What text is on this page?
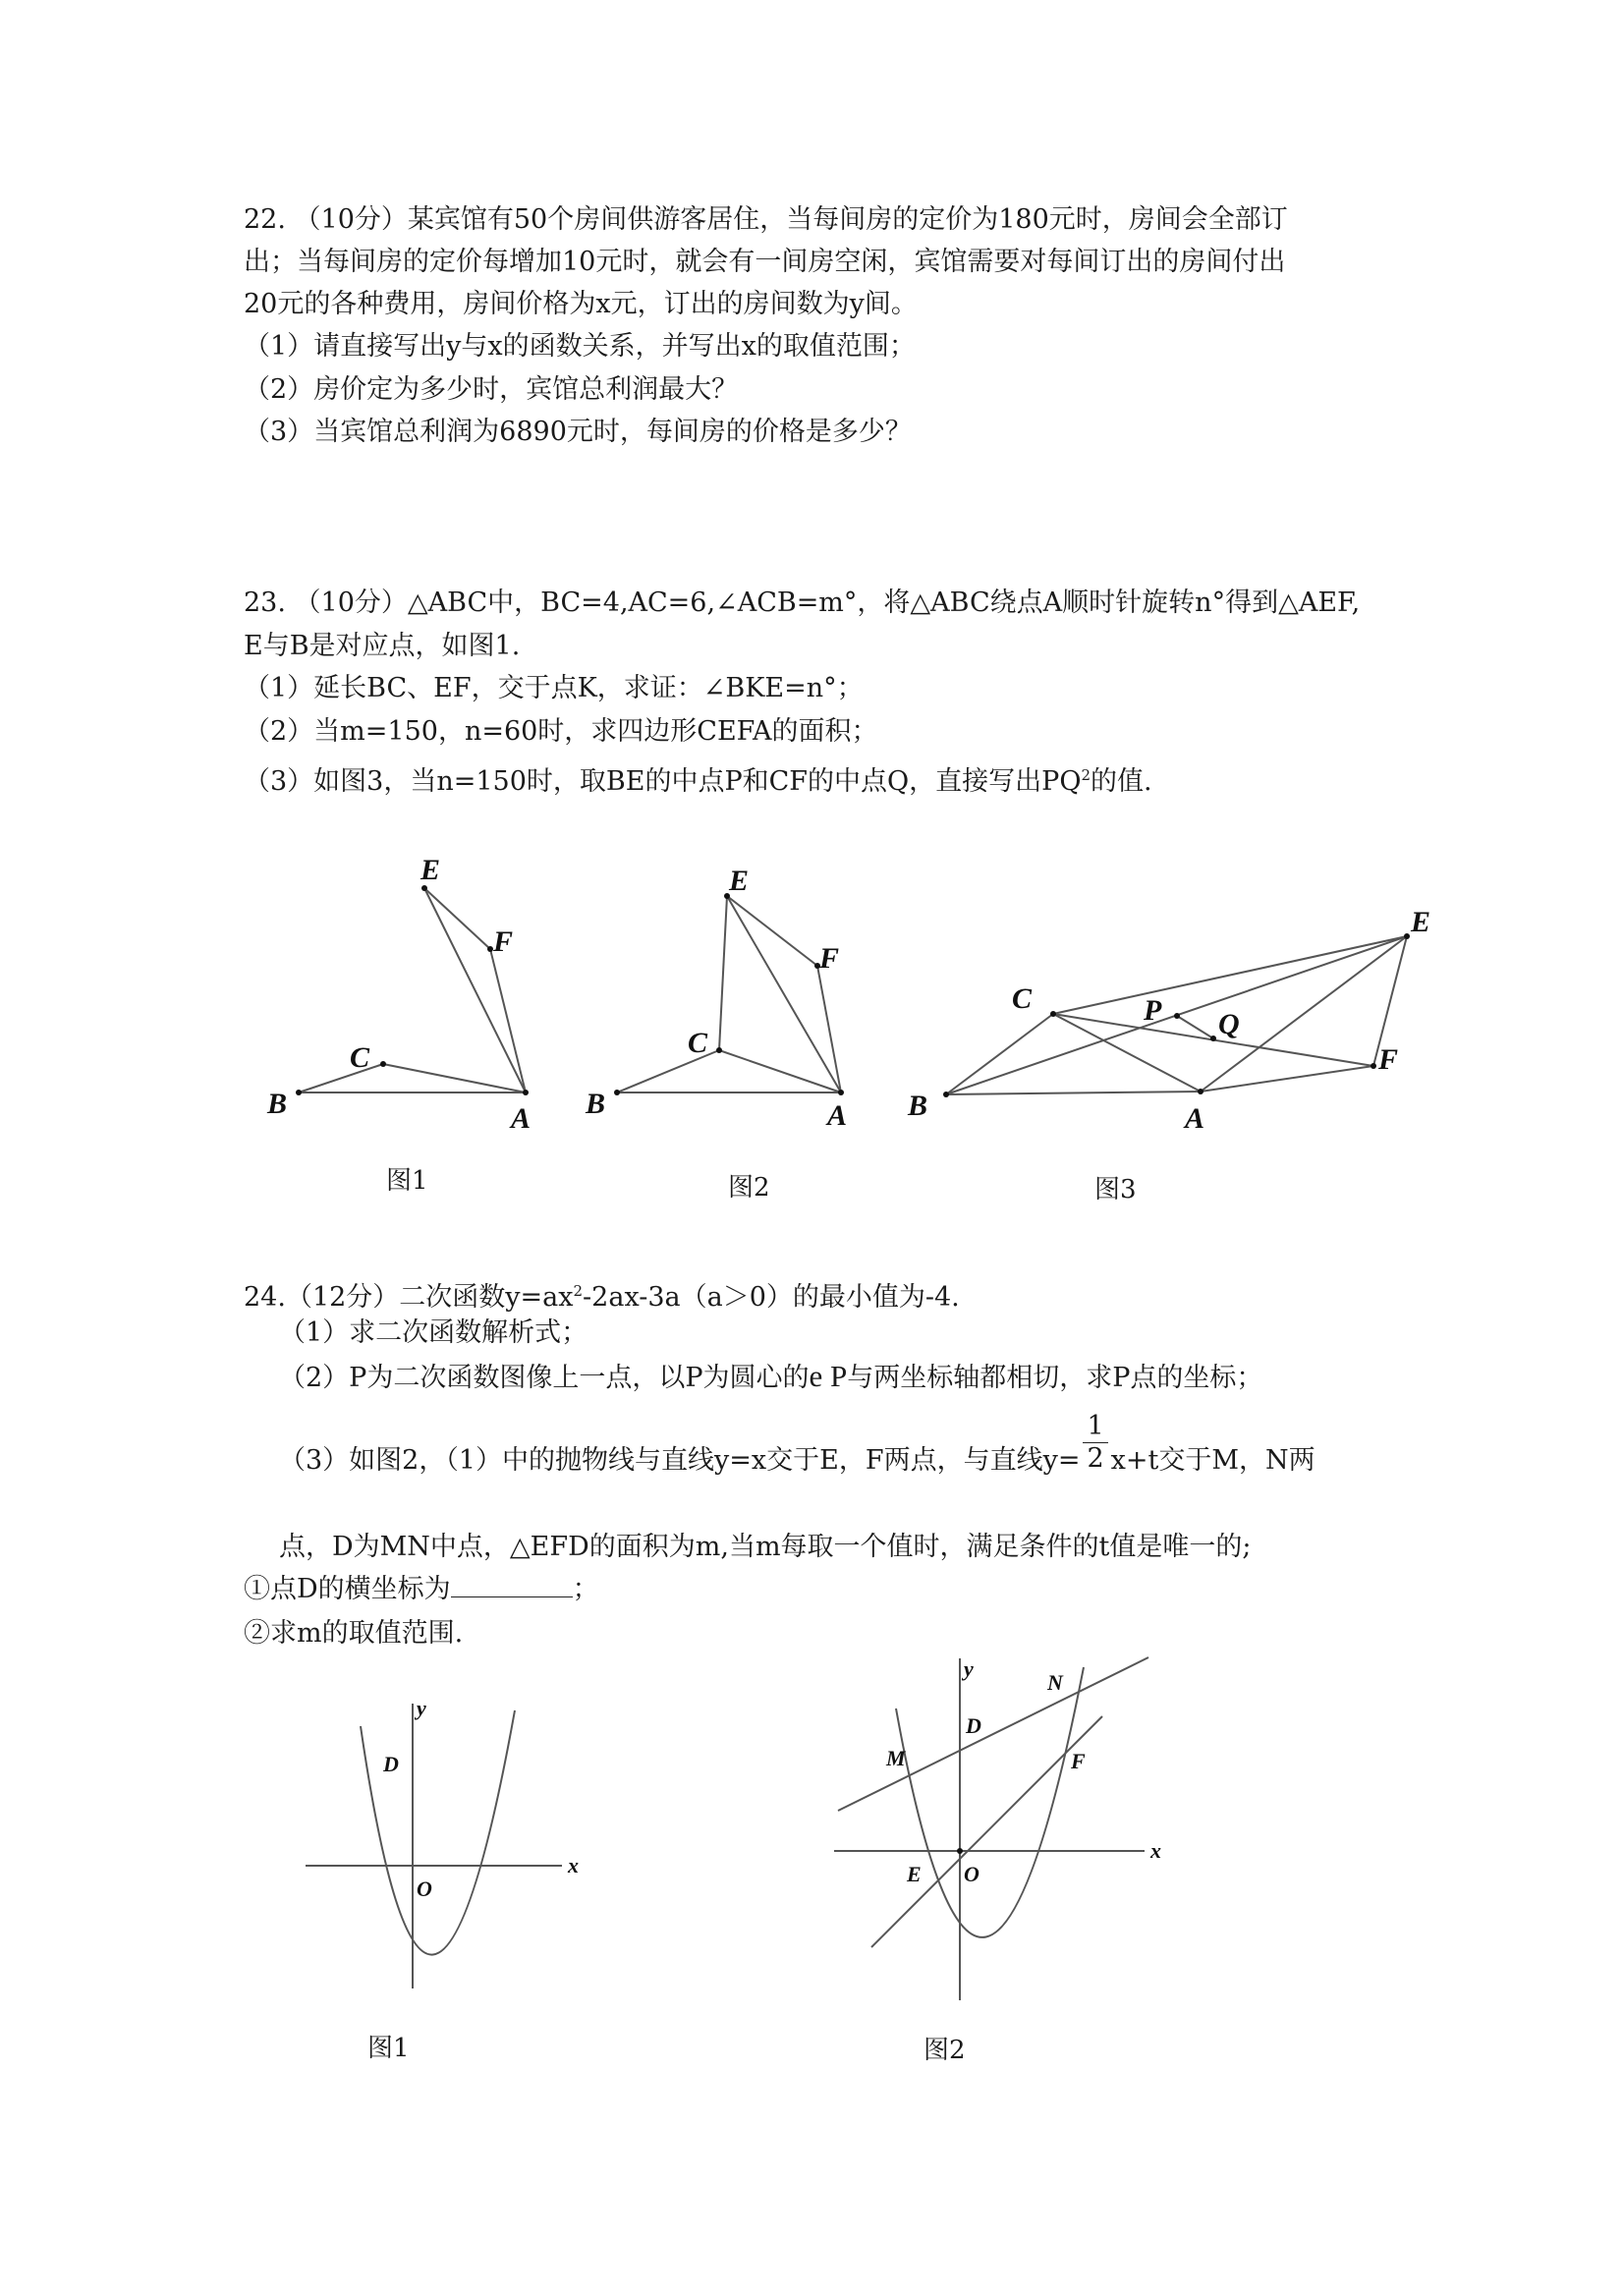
22. （10分）某宾馆有50个房间供游客居住，当每间房的定价为180元时，房间会全部订
出；当每间房的定价每增加10元时，就会有一间房空闲，宾馆需要对每间订出的房间付出
20元的各种费用，房间价格为x元，订出的房间数为y间。
（1）请直接写出y与x的函数关系，并写出x的取值范围；
（2）房价定为多少时，宾馆总利润最大？
（3）当宾馆总利润为6890元时，每间房的价格是多少？
23. （10分）△ABC中，BC=4,AC=6,∠ACB=m°，将△ABC绕点A顺时针旋转n°得到△AEF,
E与B是对应点，如图1.
（1）延长BC、EF，交于点K，求证：∠BKE=n°；
（2）当m=150，n=60时，求四边形CEFA的面积；
（3）如图3，当n=150时，取BE的中点P和CF的中点Q，直接写出$PQ^2$的值.
B
C
A
E
F
B
C
A
E
F
B
C
A
E
F
P Q
图1	图2	图3
24.（12分）二次函数$y=ax^2-2ax-3a(a>0)$的最小值为-4.
（1）求二次函数解析式；
（2）P为二次函数图像上一点，以P为圆心的e P与两坐标轴都相切，求P点的坐标；
（3）如图2，（1）中的抛物线与直线y=x交于E，F两点，与直线$y= \frac{1}{2} x+t$交于M，N两
点，D为MN中点，△EFD的面积为m,当m每取一个值时，满足条件的t值是唯一的;
①点D的横坐标为	；
②求m的取值范围.
x
y
O
D
x
y
O
E
F
D
M
N
图1	图2
